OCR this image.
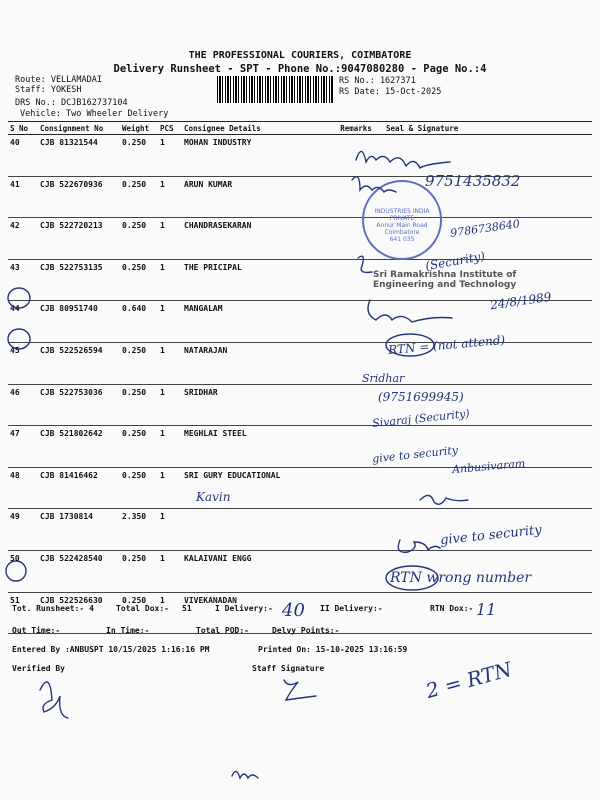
THE PROFESSIONAL COURIERS, COIMBATORE
Delivery Runsheet - SPT - Phone No.:9047080280 - Page No.:4
Route: VELLAMADAI
Staff: YOKESH
DRS No.: DCJB162737104
Vehicle: Two Wheeler Delivery
RS No.: 1627371
RS Date: 15-Oct-2025
S No	Consignment No	Weight	PCS	Consignee Details	Remarks	Seal & Signature
40	CJB 81321544	0.250	1	MOHAN INDUSTRY		
41	CJB 522670936	0.250	1	ARUN KUMAR		
42	CJB 522720213	0.250	1	CHANDRASEKARAN		
43	CJB 522753135	0.250	1	THE PRICIPAL		
44	CJB 80951740	0.640	1	MANGALAM		
45	CJB 522526594	0.250	1	NATARAJAN		
46	CJB 522753036	0.250	1	SRIDHAR		
47	CJB 521802642	0.250	1	MEGHLAI STEEL		
48	CJB 81416462	0.250	1	SRI GURY EDUCATIONAL		
49	CJB 1730814	2.350	1			
50	CJB 522428540	0.250	1	KALAIVANI ENGG		
51	CJB 522526630	0.250	1	VIVEKANADAN		
INDUSTRIES INDIA PRIVATE
Annur Main Road
Coimbatore
641 035
Sri Ramakrishna Institute of
Engineering and Technology
9751435832
9786738640
(Security)
24/8/1989
RTN = (not attend)
Sridhar
(9751699945)
Sivaraj (Security)
give to security
Anbusivaram
Kavin
give to security
RTN wrong number
40	11
2 = RTN
Tot. Runsheet:- 4	Total Dox:- 51	I Delivery:-	II Delivery:-	RTN Dox:-
Out Time:-	In Time:-	Total POD:-	Delvy Points:-
Entered By :ANBUSPT 10/15/2025 1:16:16 PM	Printed On: 15-10-2025 13:16:59
Verified By	Staff Signature
